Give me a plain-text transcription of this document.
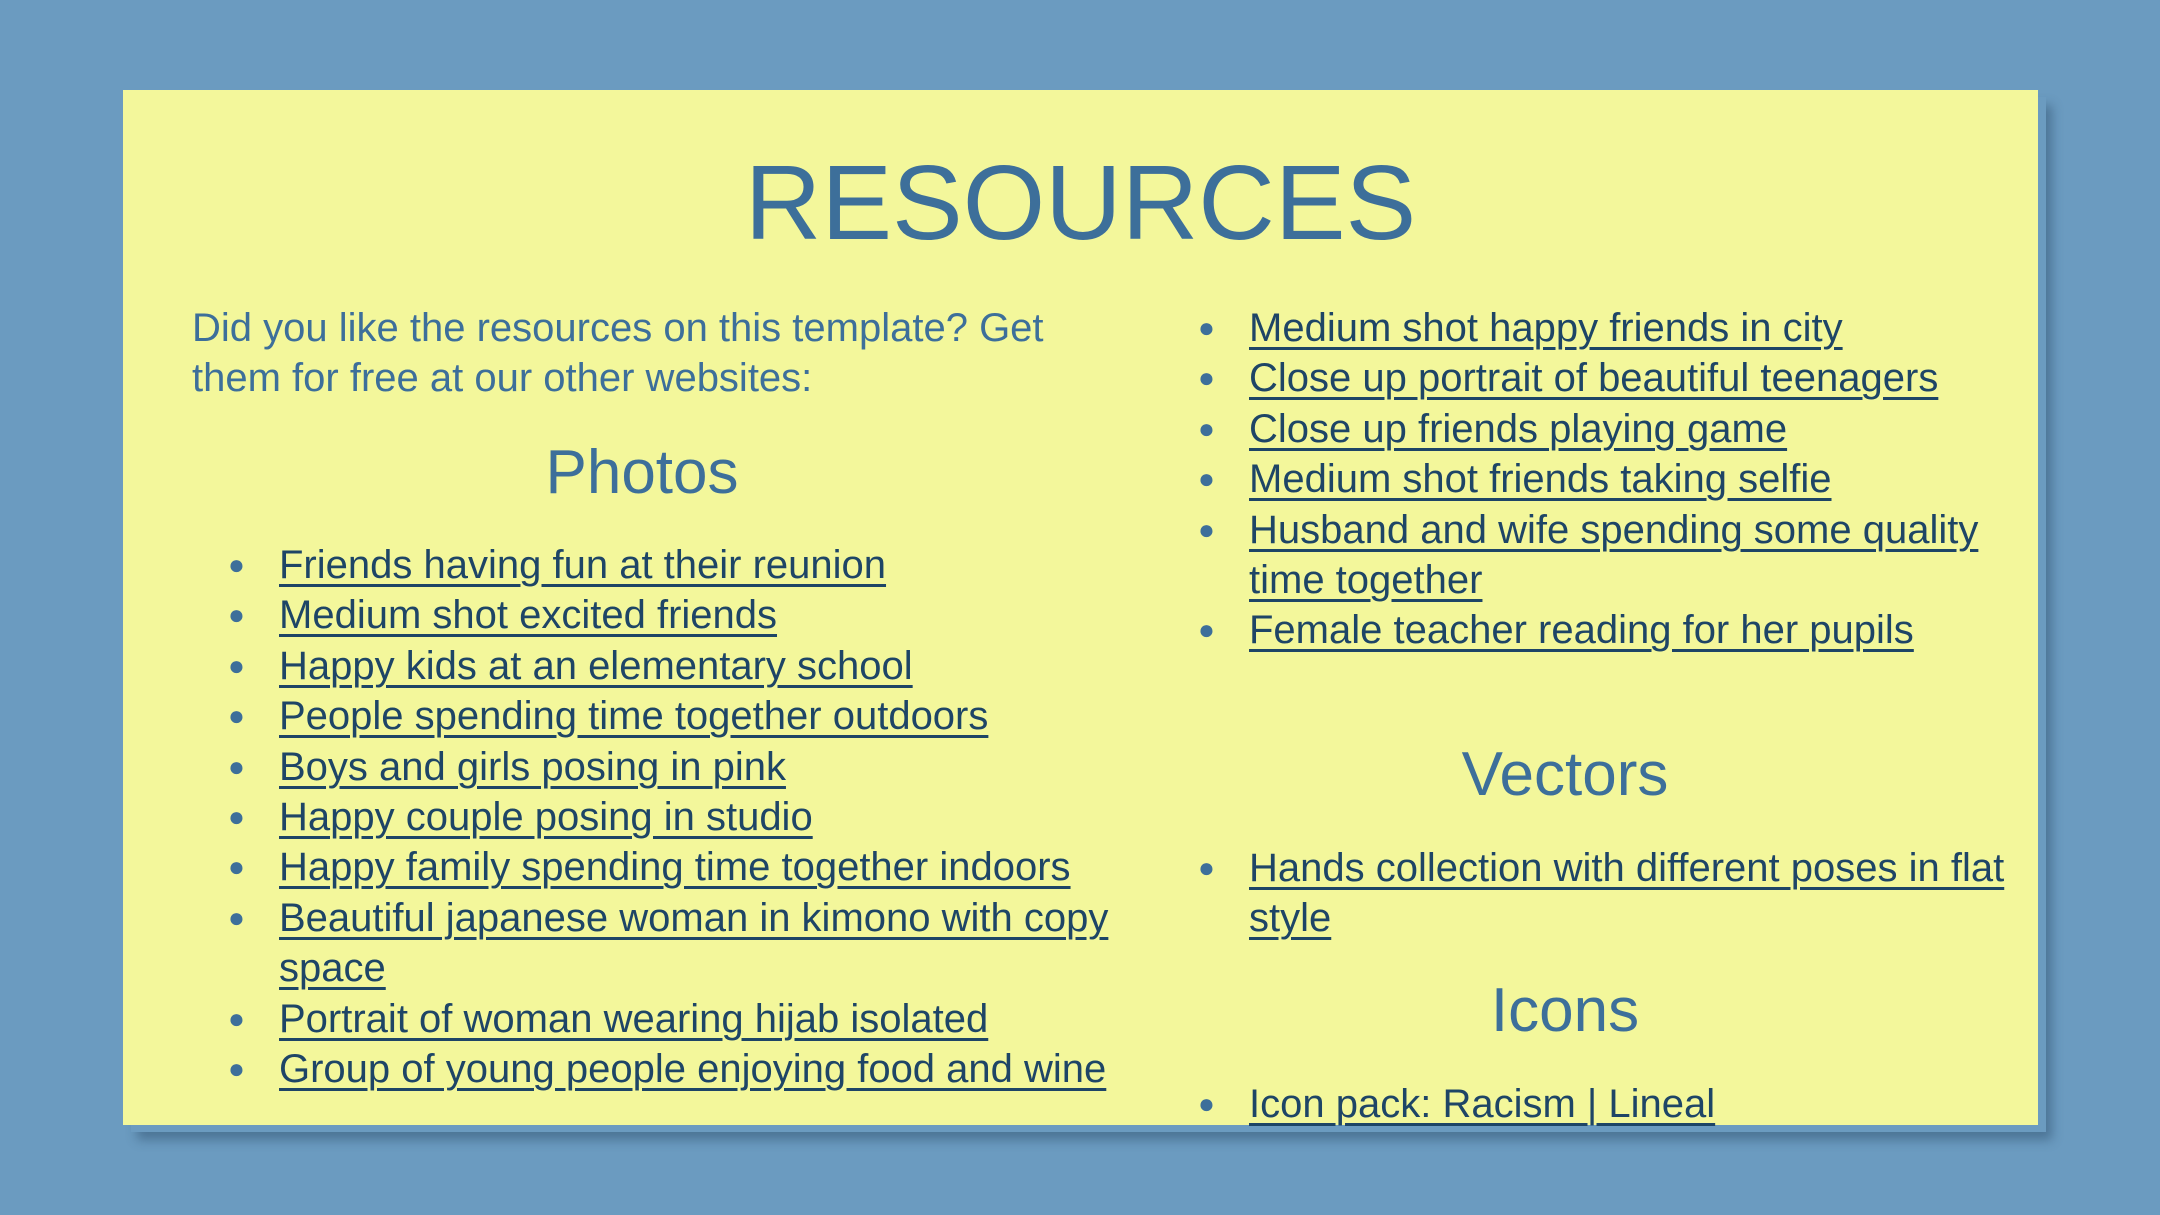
RESOURCES

Did you like the resources on this template? Get them for free at our other websites:

Photos
● Friends having fun at their reunion
● Medium shot excited friends
● Happy kids at an elementary school
● People spending time together outdoors
● Boys and girls posing in pink
● Happy couple posing in studio
● Happy family spending time together indoors
● Beautiful japanese woman in kimono with copy space
● Portrait of woman wearing hijab isolated
● Group of young people enjoying food and wine
● Medium shot happy friends in city
● Close up portrait of beautiful teenagers
● Close up friends playing game
● Medium shot friends taking selfie
● Husband and wife spending some quality time together
● Female teacher reading for her pupils
Vectors
● Hands collection with different poses in flat style
Icons
● Icon pack: Racism | Lineal
